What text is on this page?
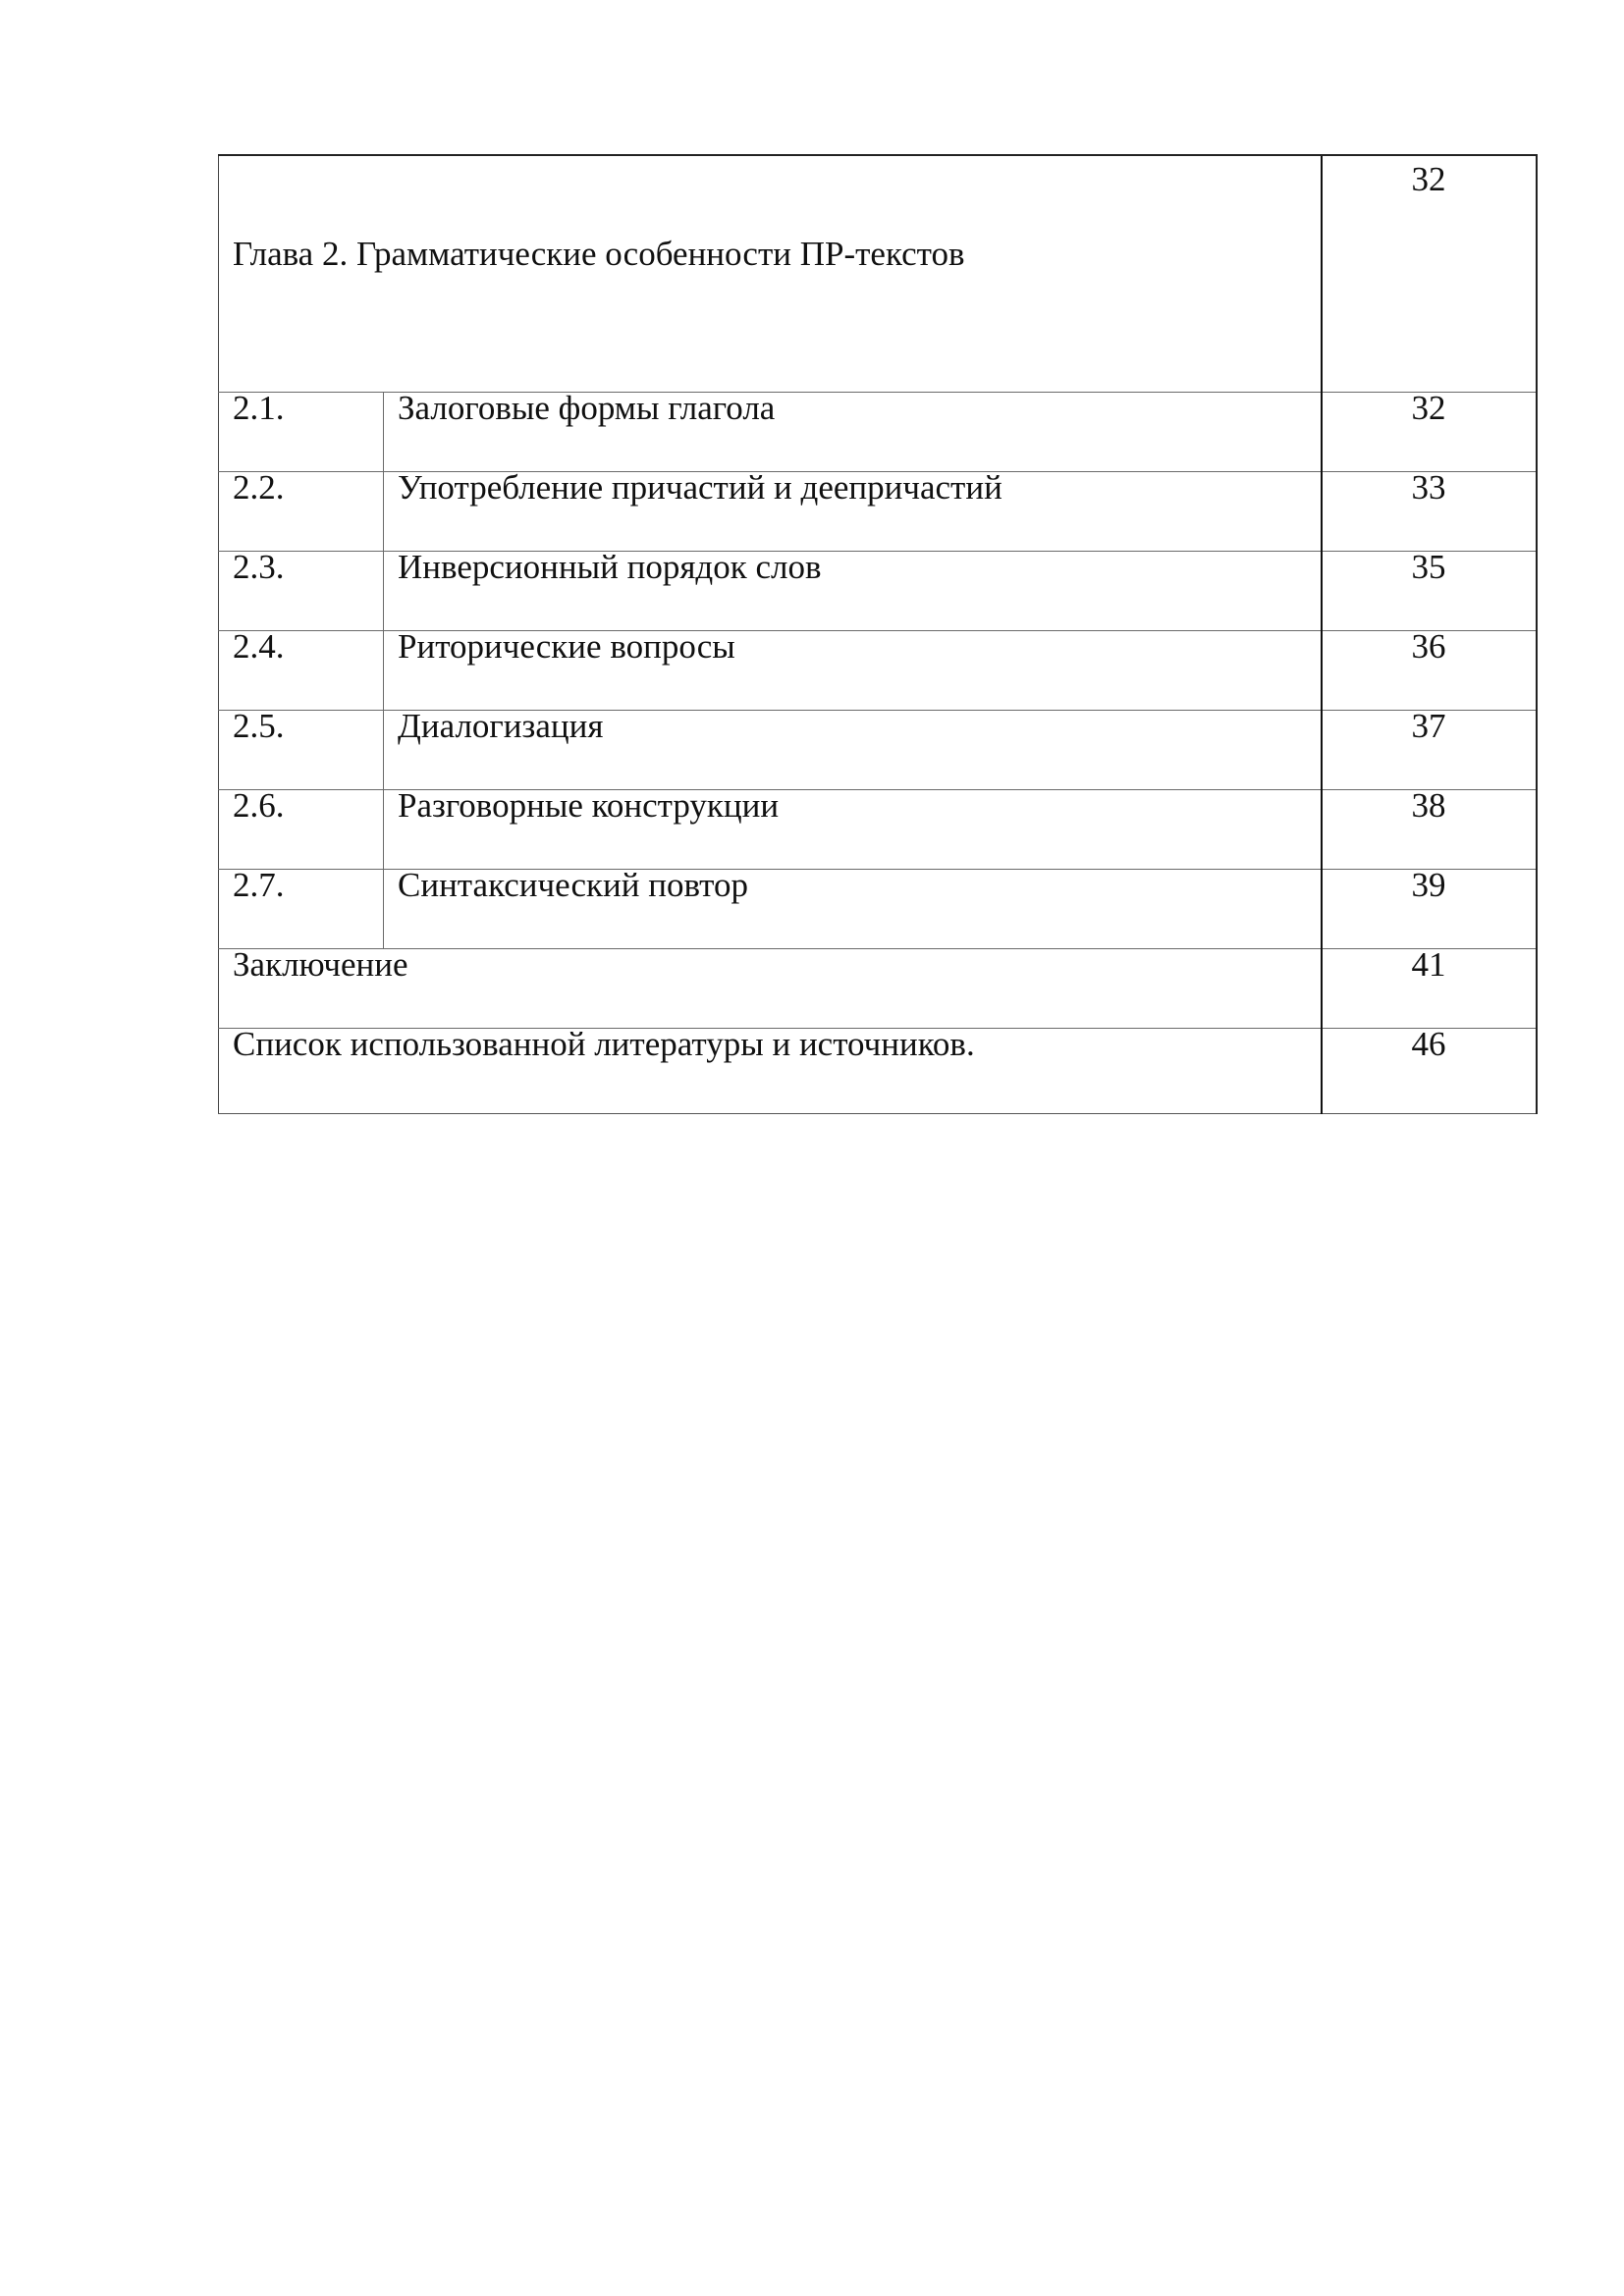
Глава 2. Грамматические особенности ПР-текстов		32

2.1.	Залоговые формы глагола	32

2.2.	Употребление причастий и деепричастий	33

2.3.	Инверсионный порядок слов	35

2.4.	Риторические вопросы	36

2.5.	Диалогизация	37

2.6.	Разговорные конструкции	38

2.7.	Синтаксический повтор	39

Заключение		41

Список использованной литературы и источников.		46
